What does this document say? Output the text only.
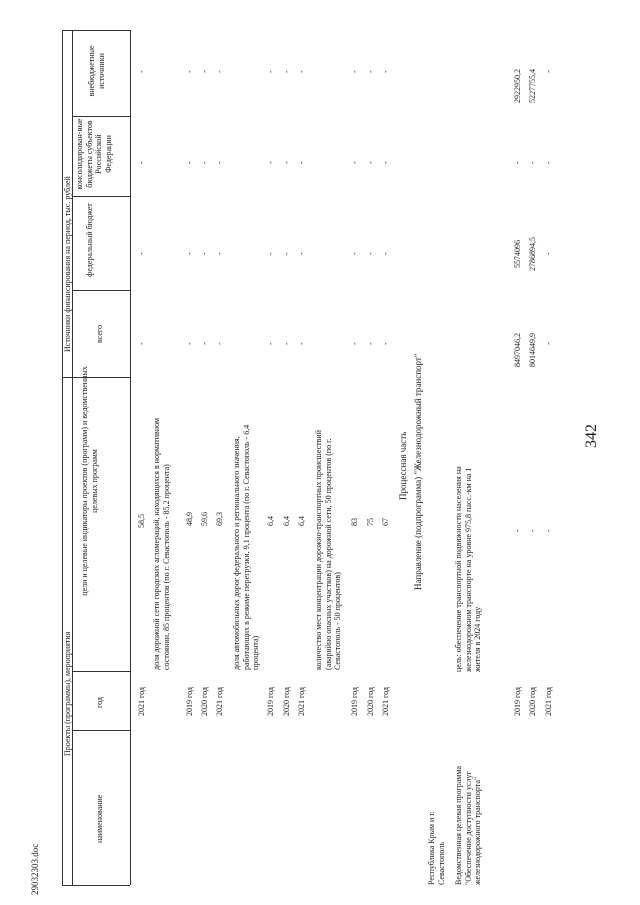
342
Источники финансирования на период, тыс. рублей
Проекты (программы), мероприятия
наименование
год
цели и целевые индикаторы проектов (программ) и ведомственных целевых программ
всего
федеральный бюджет
консолидирован-ные бюджеты субъектов Российской Федерации
внебюджетные источники
2021 год
58,5
-
-
-
-
доля дорожной сети городских агломераций, находящихся в нормативном состоянии, 85 процентов (по г. Севастополь - 85,2 процента)
2019 год
48,9
-
-
-
-
2020 год
59,6
-
-
-
-
2021 год
69,3
-
-
-
-
доля автомобильных дорог федерального и регионального значения, работающих в режиме перегрузки, 9,1 процента (по г. Севастополь - 6,4 процента)
2019 год
6,4
-
-
-
-
2020 год
6,4
-
-
-
-
2021 год
6,4
-
-
-
-
количество мест концентрации дорожно-транспортных происшествий (аварийно опасных участков) на дорожной сети, 50 процентов (по г. Севастополь - 50 процентов)
2019 год
83
-
-
-
-
2020 год
75
-
-
-
-
2021 год
67
-
-
-
-
Процессная часть Направление (подпрограмма) "Железнодорожный транспорт"
Республика Крым и г. Севастополь Ведомственная целевая программа "Обеспечение доступности услуг железнодорожного транспорта"
цель: обеспечение транспортной подвижности населения на железнодорожном транспорте на уровне 975,8 пасс.-км на 1 жителя в 2024 году
2019 год
-
8497046,2
5574096
-
2922950,2
2020 год
-
8014649,9
2786894,5
-
5227755,4
2021 год
-
-
-
-
-
29032303.doc
